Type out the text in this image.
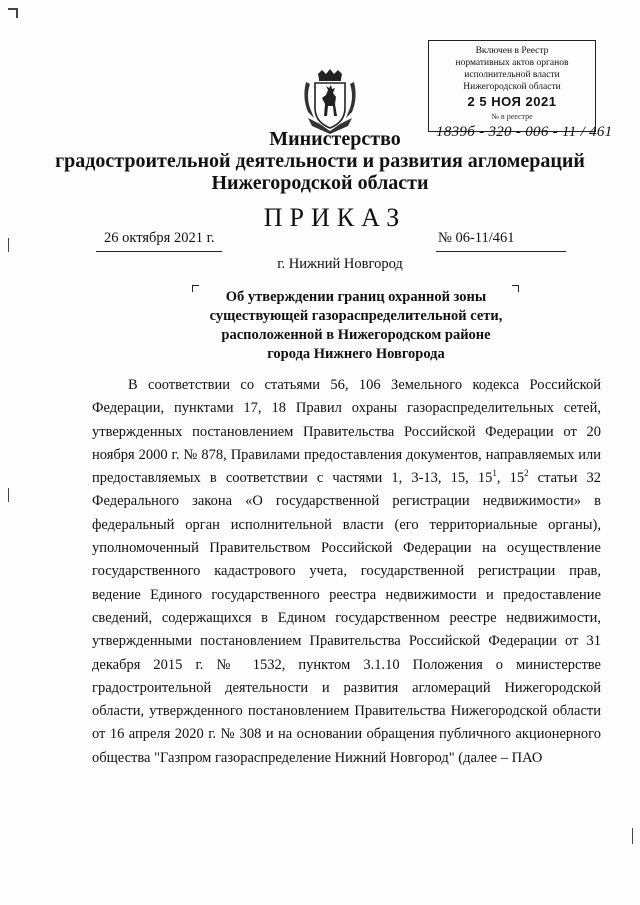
Включен в Реестр
нормативных актов органов
исполнительной власти
Нижегородской области
2 5 НОЯ 2021
№ в реестре
1839б - 320 - 006 - 11 / 461
Министерство
градостроительной деятельности и развития агломераций
Нижегородской области
ПРИКАЗ
26 октября 2021 г.	№ 06-11/461
г. Нижний Новгород
Об утверждении границ охранной зоны
существующей газораспределительной сети,
расположенной в Нижегородском районе
города Нижнего Новгорода

В соответствии со статьями 56, 106 Земельного кодекса Российской Федерации, пунктами 17, 18 Правил охраны газораспределительных сетей, утвержденных постановлением Правительства Российской Федерации от 20 ноября 2000 г. № 878, Правилами предоставления документов, направляемых или предоставляемых в соответствии с частями 1, 3-13, 15, $15^1$, $15^2$ статьи 32 Федерального закона «О государственной регистрации недвижимости» в федеральный орган исполнительной власти (его территориальные органы), уполномоченный Правительством Российской Федерации на осуществление государственного кадастрового учета, государственной регистрации прав, ведение Единого государственного реестра недвижимости и предоставление сведений, содержащихся в Едином государственном реестре недвижимости, утвержденными постановлением Правительства Российской Федерации от 31 декабря 2015 г. № 1532, пунктом 3.1.10 Положения о министерстве градостроительной деятельности и развития агломераций Нижегородской области, утвержденного постановлением Правительства Нижегородской области от 16 апреля 2020 г. № 308 и на основании обращения публичного акционерного общества "Газпром газораспределение Нижний Новгород" (далее – ПАО
